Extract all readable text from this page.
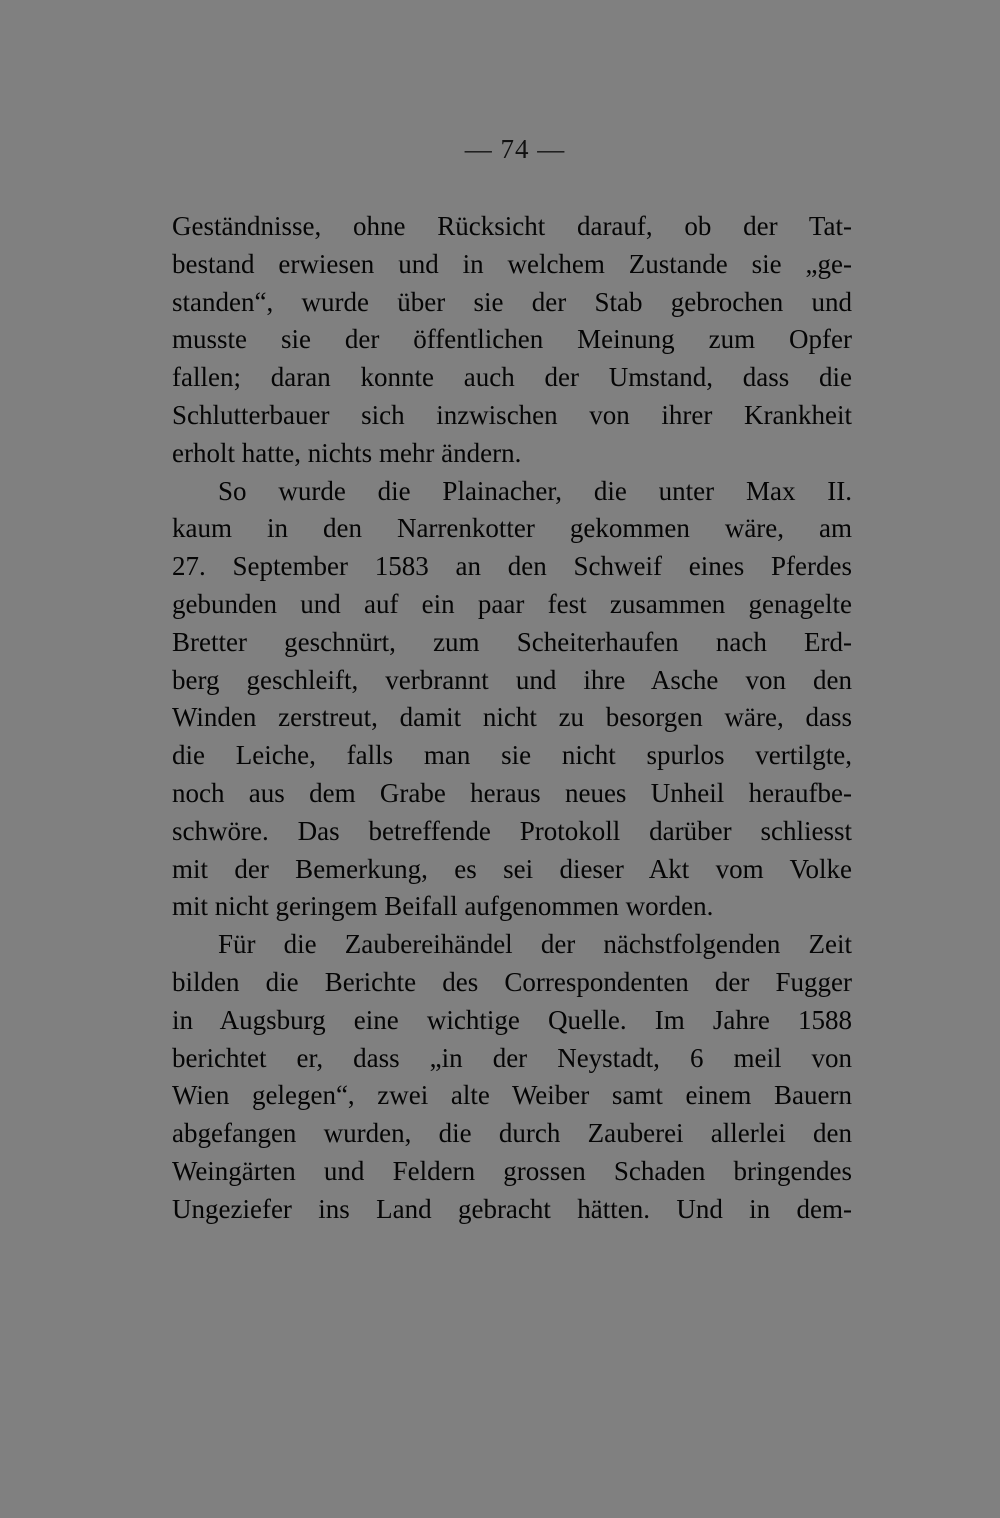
— 74 —
Geständnisse, ohne Rücksicht darauf, ob der Tat-
bestand erwiesen und in welchem Zustande sie „ge-
standen“, wurde über sie der Stab gebrochen und
musste sie der öffentlichen Meinung zum Opfer
fallen; daran konnte auch der Umstand, dass die
Schlutterbauer sich inzwischen von ihrer Krankheit
erholt hatte, nichts mehr ändern.
So wurde die Plainacher, die unter Max II.
kaum in den Narrenkotter gekommen wäre, am
27. September 1583 an den Schweif eines Pferdes
gebunden und auf ein paar fest zusammen genagelte
Bretter geschnürt, zum Scheiterhaufen nach Erd-
berg geschleift, verbrannt und ihre Asche von den
Winden zerstreut, damit nicht zu besorgen wäre, dass
die Leiche, falls man sie nicht spurlos vertilgte,
noch aus dem Grabe heraus neues Unheil heraufbe-
schwöre. Das betreffende Protokoll darüber schliesst
mit der Bemerkung, es sei dieser Akt vom Volke
mit nicht geringem Beifall aufgenommen worden.
Für die Zaubereihändel der nächstfolgenden Zeit
bilden die Berichte des Correspondenten der Fugger
in Augsburg eine wichtige Quelle. Im Jahre 1588
berichtet er, dass „in der Neystadt, 6 meil von
Wien gelegen“, zwei alte Weiber samt einem Bauern
abgefangen wurden, die durch Zauberei allerlei den
Weingärten und Feldern grossen Schaden bringendes
Ungeziefer ins Land gebracht hätten. Und in dem-
